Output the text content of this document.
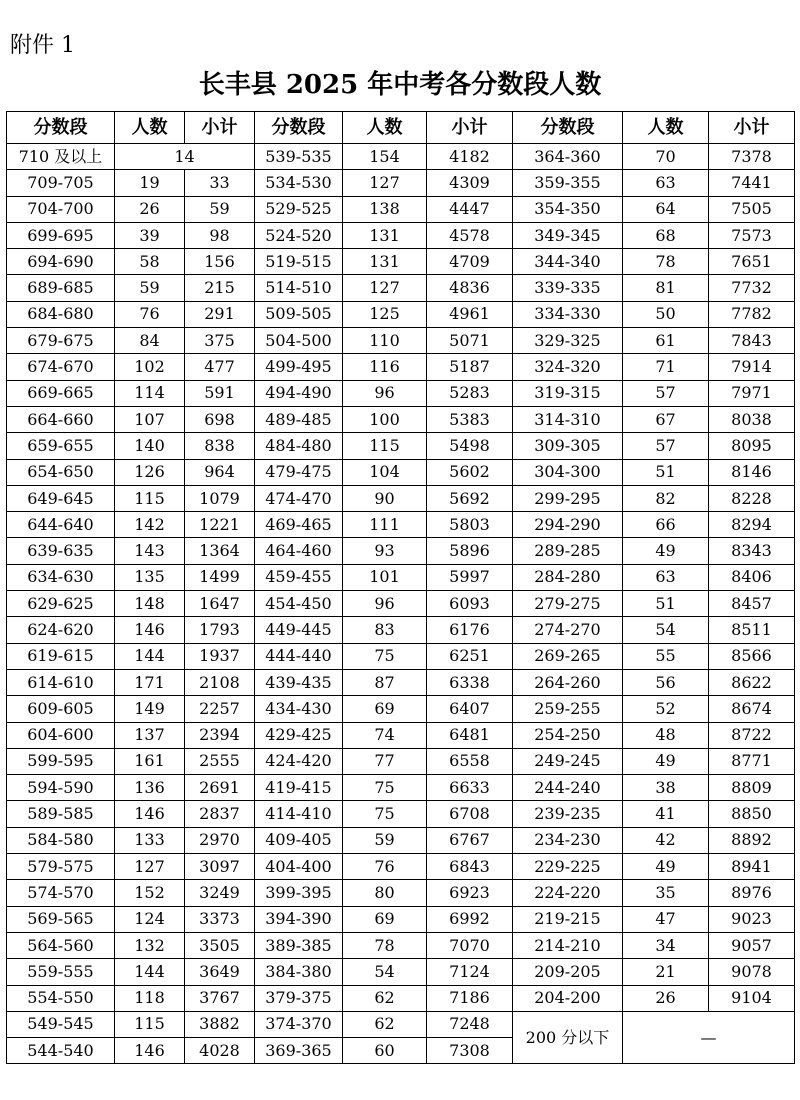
附件 1
长丰县 2025 年中考各分数段人数
分数段	人数	小计	分数段	人数	小计	分数段	人数	小计
710 及以上	14		539-535	154	4182	364-360	70	7378
709-705	19	33	534-530	127	4309	359-355	63	7441
704-700	26	59	529-525	138	4447	354-350	64	7505
699-695	39	98	524-520	131	4578	349-345	68	7573
694-690	58	156	519-515	131	4709	344-340	78	7651
689-685	59	215	514-510	127	4836	339-335	81	7732
684-680	76	291	509-505	125	4961	334-330	50	7782
679-675	84	375	504-500	110	5071	329-325	61	7843
674-670	102	477	499-495	116	5187	324-320	71	7914
669-665	114	591	494-490	96	5283	319-315	57	7971
664-660	107	698	489-485	100	5383	314-310	67	8038
659-655	140	838	484-480	115	5498	309-305	57	8095
654-650	126	964	479-475	104	5602	304-300	51	8146
649-645	115	1079	474-470	90	5692	299-295	82	8228
644-640	142	1221	469-465	111	5803	294-290	66	8294
639-635	143	1364	464-460	93	5896	289-285	49	8343
634-630	135	1499	459-455	101	5997	284-280	63	8406
629-625	148	1647	454-450	96	6093	279-275	51	8457
624-620	146	1793	449-445	83	6176	274-270	54	8511
619-615	144	1937	444-440	75	6251	269-265	55	8566
614-610	171	2108	439-435	87	6338	264-260	56	8622
609-605	149	2257	434-430	69	6407	259-255	52	8674
604-600	137	2394	429-425	74	6481	254-250	48	8722
599-595	161	2555	424-420	77	6558	249-245	49	8771
594-590	136	2691	419-415	75	6633	244-240	38	8809
589-585	146	2837	414-410	75	6708	239-235	41	8850
584-580	133	2970	409-405	59	6767	234-230	42	8892
579-575	127	3097	404-400	76	6843	229-225	49	8941
574-570	152	3249	399-395	80	6923	224-220	35	8976
569-565	124	3373	394-390	69	6992	219-215	47	9023
564-560	132	3505	389-385	78	7070	214-210	34	9057
559-555	144	3649	384-380	54	7124	209-205	21	9078
554-550	118	3767	379-375	62	7186	204-200	26	9104
549-545	115	3882	374-370	62	7248	200 分以下	—	
544-540	146	4028	369-365	60	7308			
